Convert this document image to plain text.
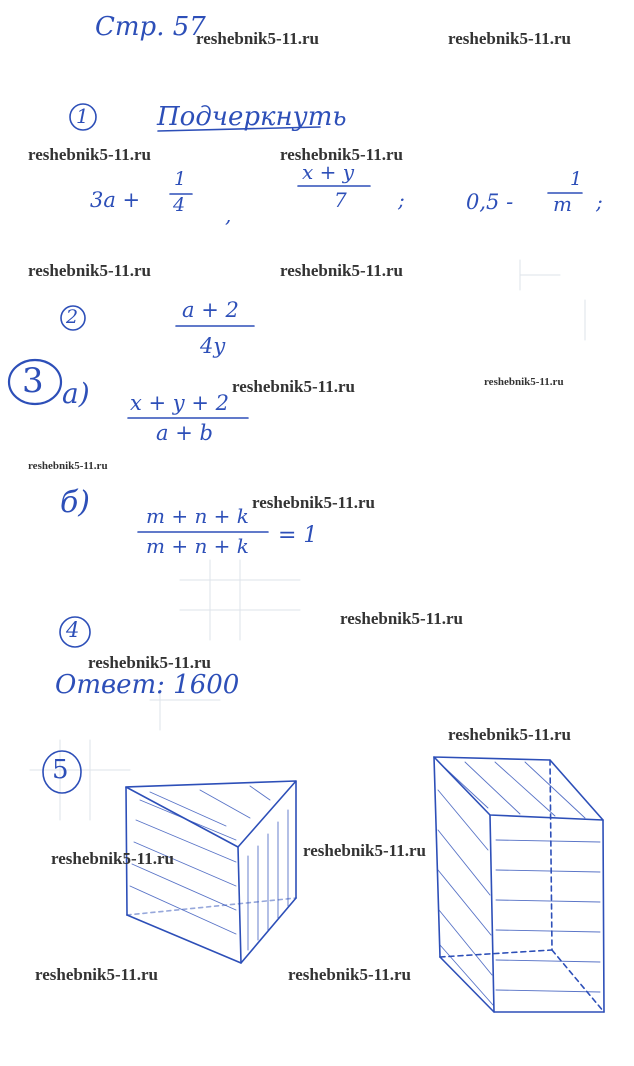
Стр. 57
1	Подчеркнуть
3a +
1
4 ,
x + y
7	;	0,5 -
1
m ;
2	a + 2
4y
3 а) x + y + 2
a + b
б)	m + n + k
m + n + k = 1
4
Ответ: 1600
5
reshebnik5-11.ru	reshebnik5-11.ru
reshebnik5-11.ru	reshebnik5-11.ru
reshebnik5-11.ru	reshebnik5-11.ru
reshebnik5-11.ru	reshebnik5-11.ru
reshebnik5-11.ru
reshebnik5-11.ru
reshebnik5-11.ru
reshebnik5-11.ru
reshebnik5-11.ru
reshebnik5-11.ru
reshebnik5-11.ru
reshebnik5-11.ru	reshebnik5-11.ru
